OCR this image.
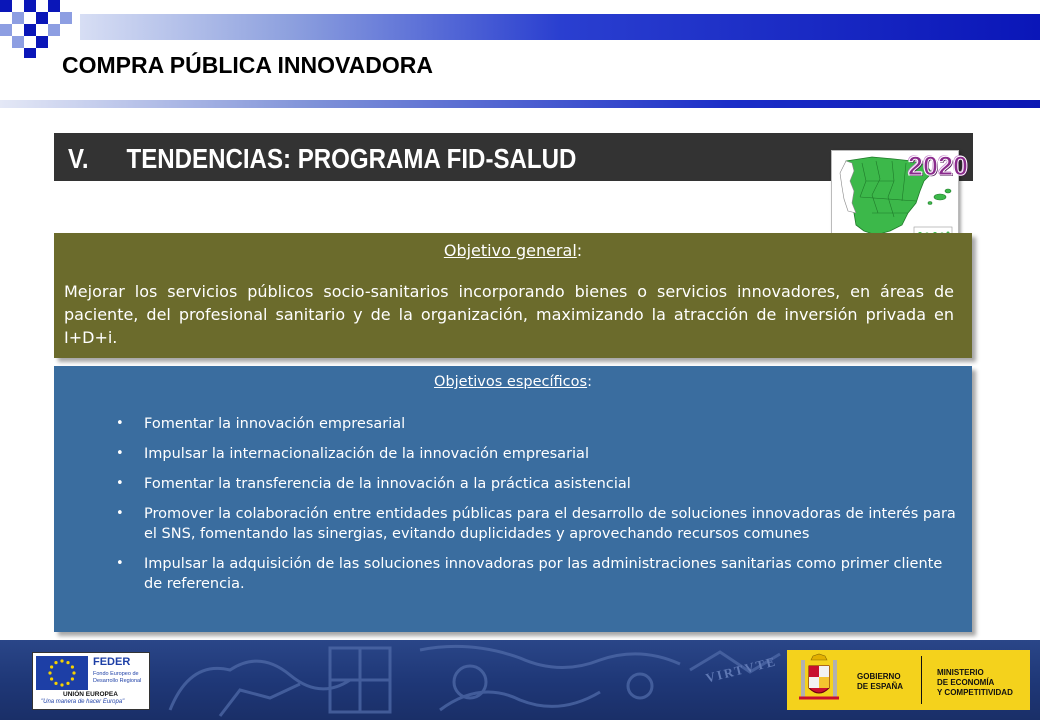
COMPRA PÚBLICA INNOVADORA
V. TENDENCIAS: PROGRAMA FID-SALUD	2020
Objetivo general:
Mejorar los servicios públicos socio-sanitarios incorporando bienes o servicios innovadores, en áreas de paciente, del profesional sanitario y de la organización, maximizando la atracción de inversión privada en I+D+i.
Objetivos específicos:
• Fomentar la innovación empresarial
• Impulsar la internacionalización de la innovación empresarial
• Fomentar la transferencia de la innovación a la práctica asistencial
• Promover la colaboración entre entidades públicas para el desarrollo de soluciones innovadoras de interés para el SNS, fomentando las sinergias, evitando duplicidades y aprovechando recursos comunes
• Impulsar la adquisición de las soluciones innovadoras por las administraciones sanitarias como primer cliente de referencia.
VIRTVTE
FEDER
Fondo Europeo de
Desarrollo Regional
UNIÓN EUROPEA
"Una manera de hacer Europa"
GOBIERNO
DE ESPAÑA
MINISTERIO
DE ECONOMÍA
Y COMPETITIVIDAD
